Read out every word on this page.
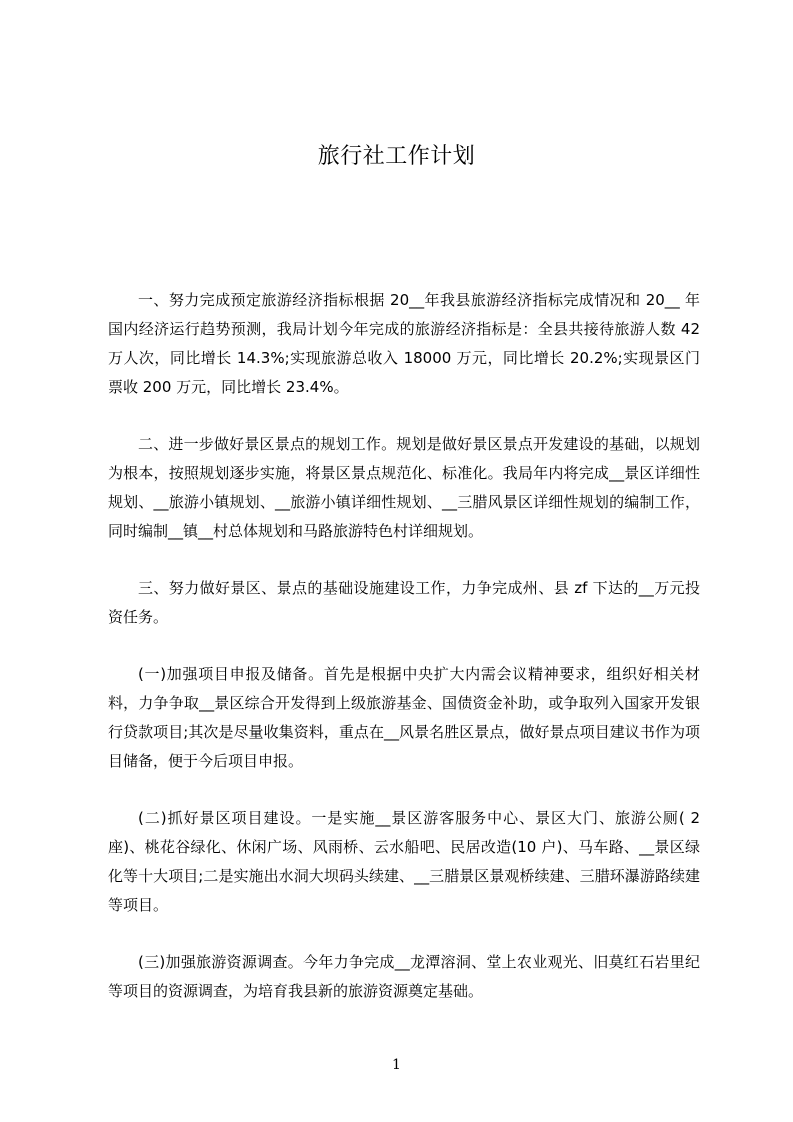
旅行社工作计划

一、努力完成预定旅游经济指标根据 20__年我县旅游经济指标完成情况和 20__ 年国内经济运行趋势预测，我局计划今年完成的旅游经济指标是：全县共接待旅游人数 42 万人次，同比增长 14.3%;实现旅游总收入 18000 万元，同比增长 20.2%;实现景区门票收 200 万元，同比增长 23.4%。

二、进一步做好景区景点的规划工作。规划是做好景区景点开发建设的基础，以规划为根本，按照规划逐步实施，将景区景点规范化、标准化。我局年内将完成__景区详细性规划、__旅游小镇规划、__旅游小镇详细性规划、__三腊风景区详细性规划的编制工作，同时编制__镇__村总体规划和马路旅游特色村详细规划。

三、努力做好景区、景点的基础设施建设工作，力争完成州、县 zf 下达的__万元投资任务。

(一)加强项目申报及储备。首先是根据中央扩大内需会议精神要求，组织好相关材料，力争争取__景区综合开发得到上级旅游基金、国债资金补助，或争取列入国家开发银行贷款项目;其次是尽量收集资料，重点在__风景名胜区景点，做好景点项目建议书作为项目储备，便于今后项目申报。

(二)抓好景区项目建设。一是实施__景区游客服务中心、景区大门、旅游公厕( 2 座)、桃花谷绿化、休闲广场、风雨桥、云水船吧、民居改造(10 户)、马车路、__景区绿化等十大项目;二是实施出水洞大坝码头续建、__三腊景区景观桥续建、三腊环瀑游路续建等项目。

(三)加强旅游资源调查。今年力争完成__龙潭溶洞、堂上农业观光、旧莫红石岩里纪等项目的资源调查，为培育我县新的旅游资源奠定基础。

1
